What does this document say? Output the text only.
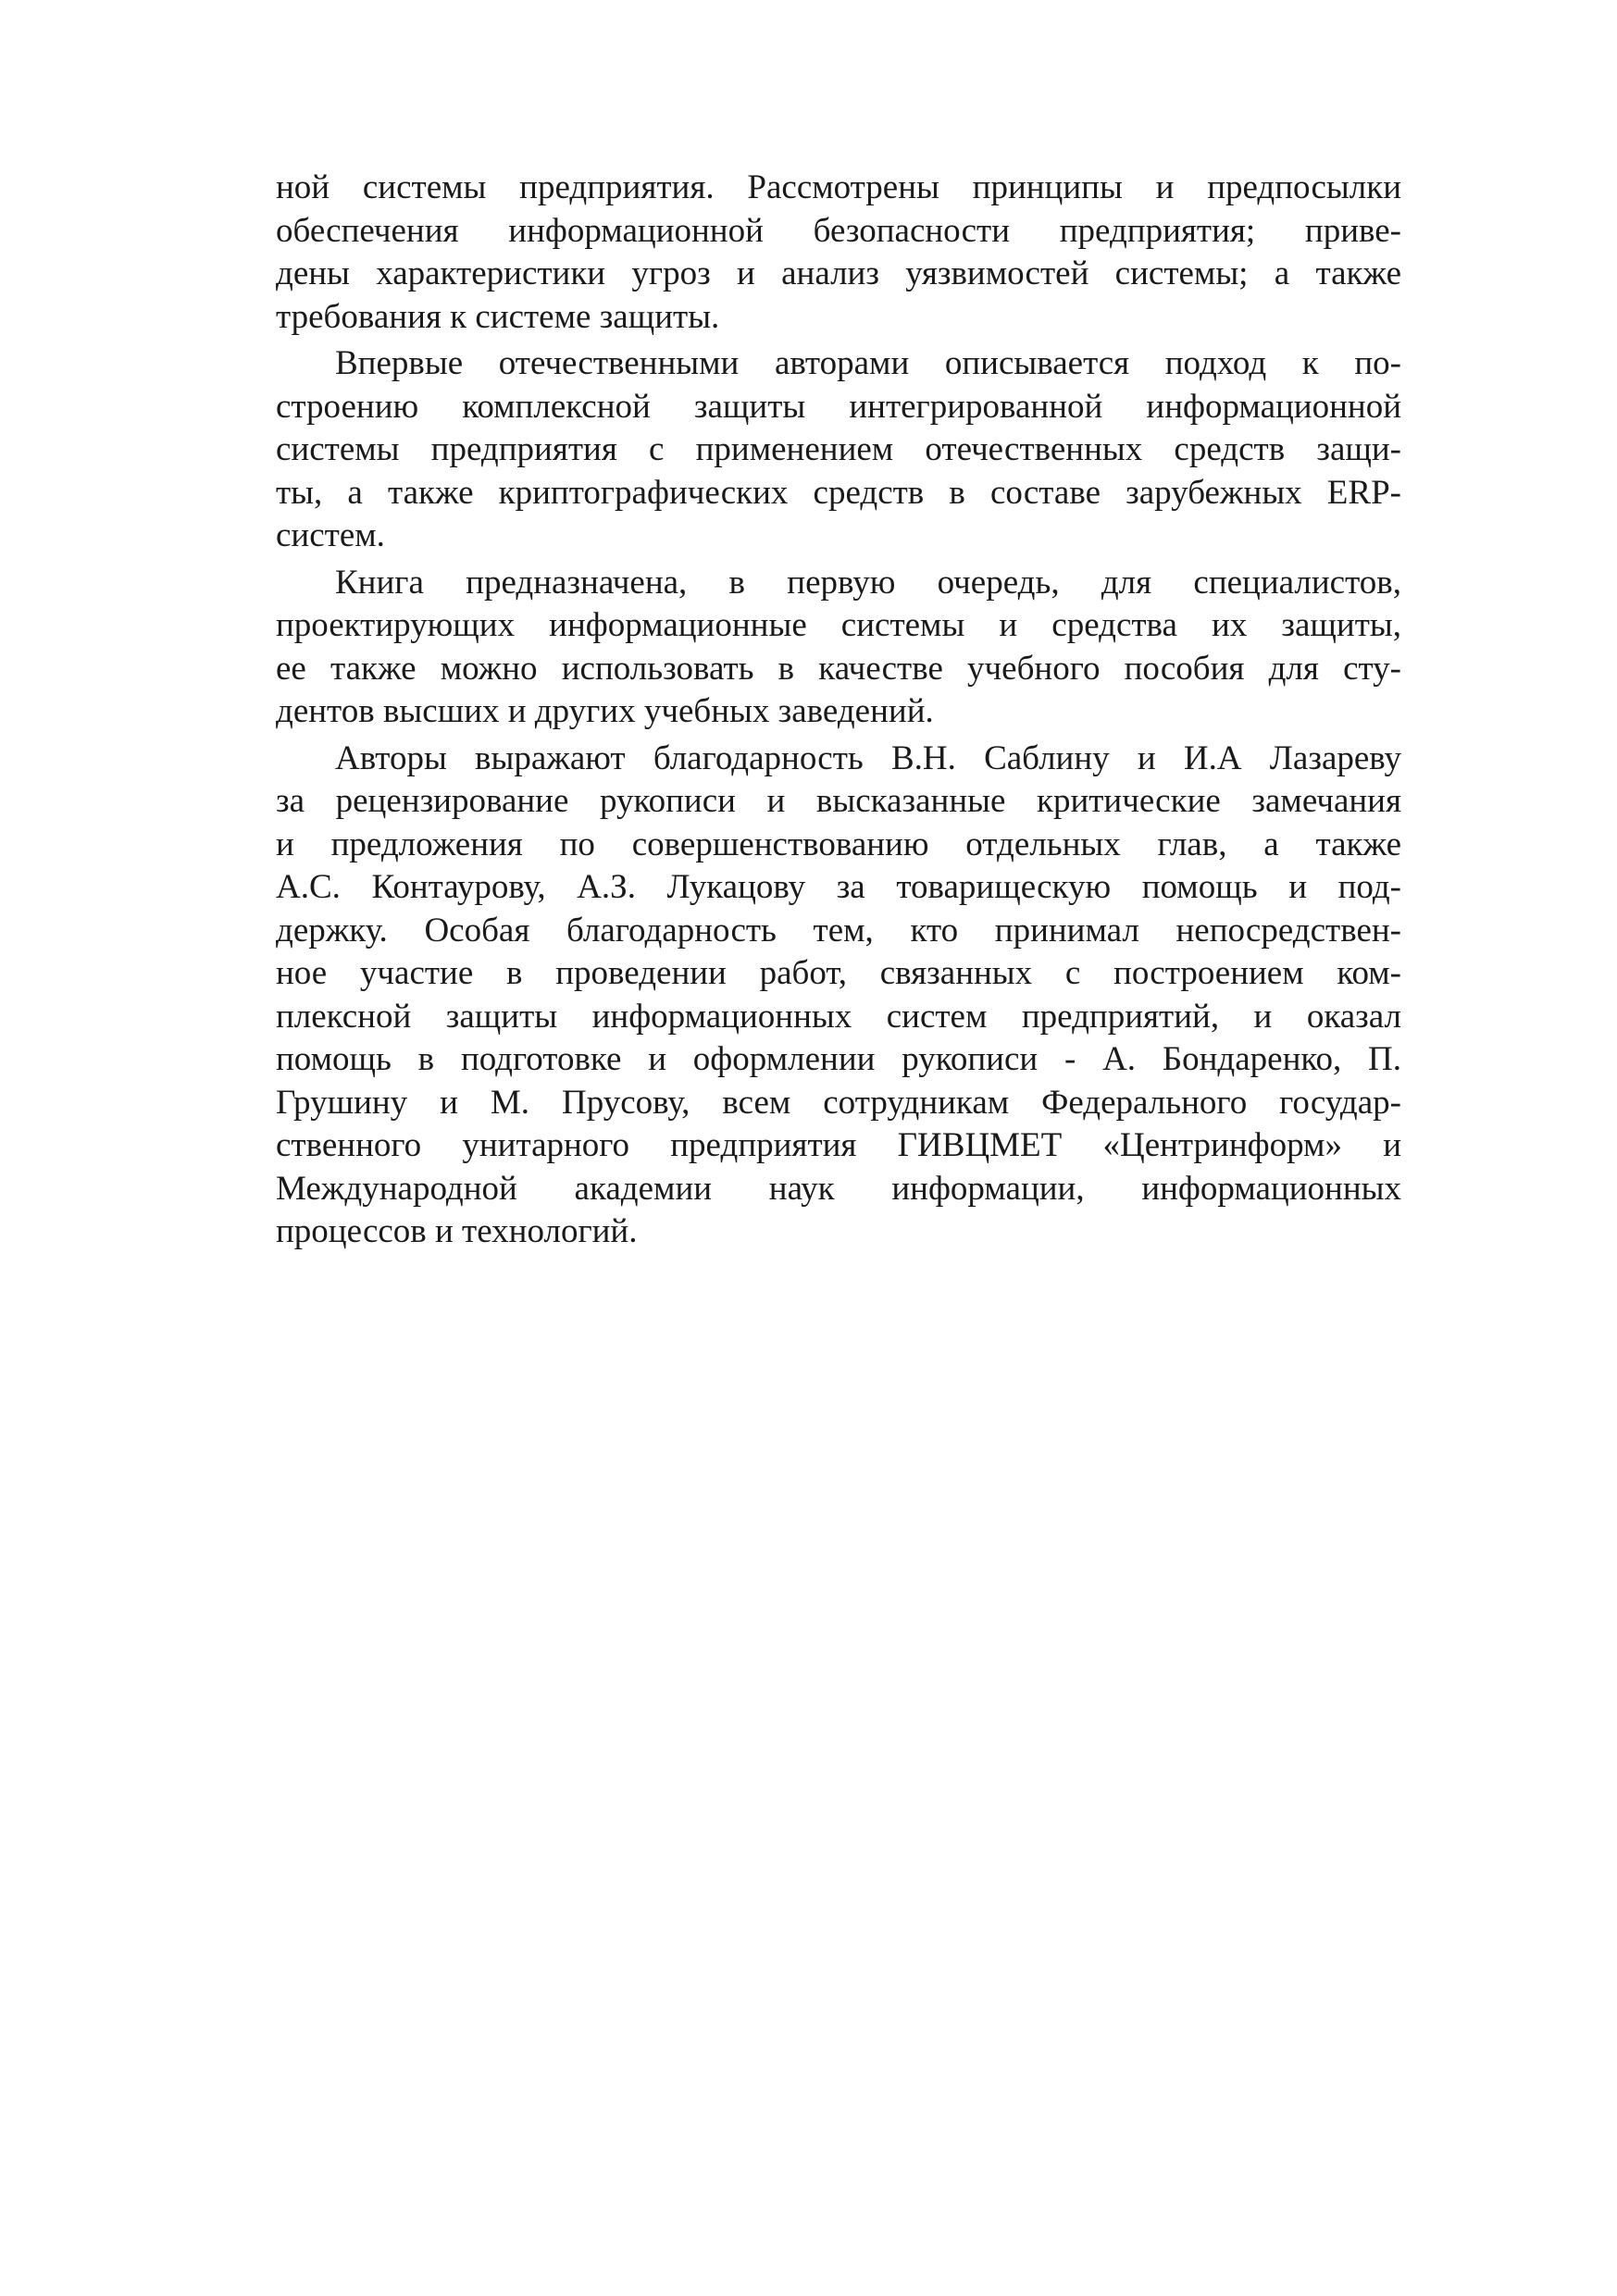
ной системы предприятия. Рассмотрены принципы и предпосылки
обеспечения информационной безопасности предприятия; приве-
дены характеристики угроз и анализ уязвимостей системы; а также
требования к системе защиты.
Впервые отечественными авторами описывается подход к по-
строению комплексной защиты интегрированной информационной
системы предприятия с применением отечественных средств защи-
ты, а также криптографических средств в составе зарубежных ERP-
систем.
Книга предназначена, в первую очередь, для специалистов,
проектирующих информационные системы и средства их защиты,
ее также можно использовать в качестве учебного пособия для сту-
дентов высших и других учебных заведений.
Авторы выражают благодарность В.Н. Саблину и И.А Лазареву
за рецензирование рукописи и высказанные критические замечания
и предложения по совершенствованию отдельных глав, а также
А.С. Контаурову, А.З. Лукацову за товарищескую помощь и под-
держку. Особая благодарность тем, кто принимал непосредствен-
ное участие в проведении работ, связанных с построением ком-
плексной защиты информационных систем предприятий, и оказал
помощь в подготовке и оформлении рукописи - А. Бондаренко, П.
Грушину и М. Прусову, всем сотрудникам Федерального государ-
ственного унитарного предприятия ГИВЦМЕТ «Центринформ» и
Международной академии наук информации, информационных
процессов и технологий.
